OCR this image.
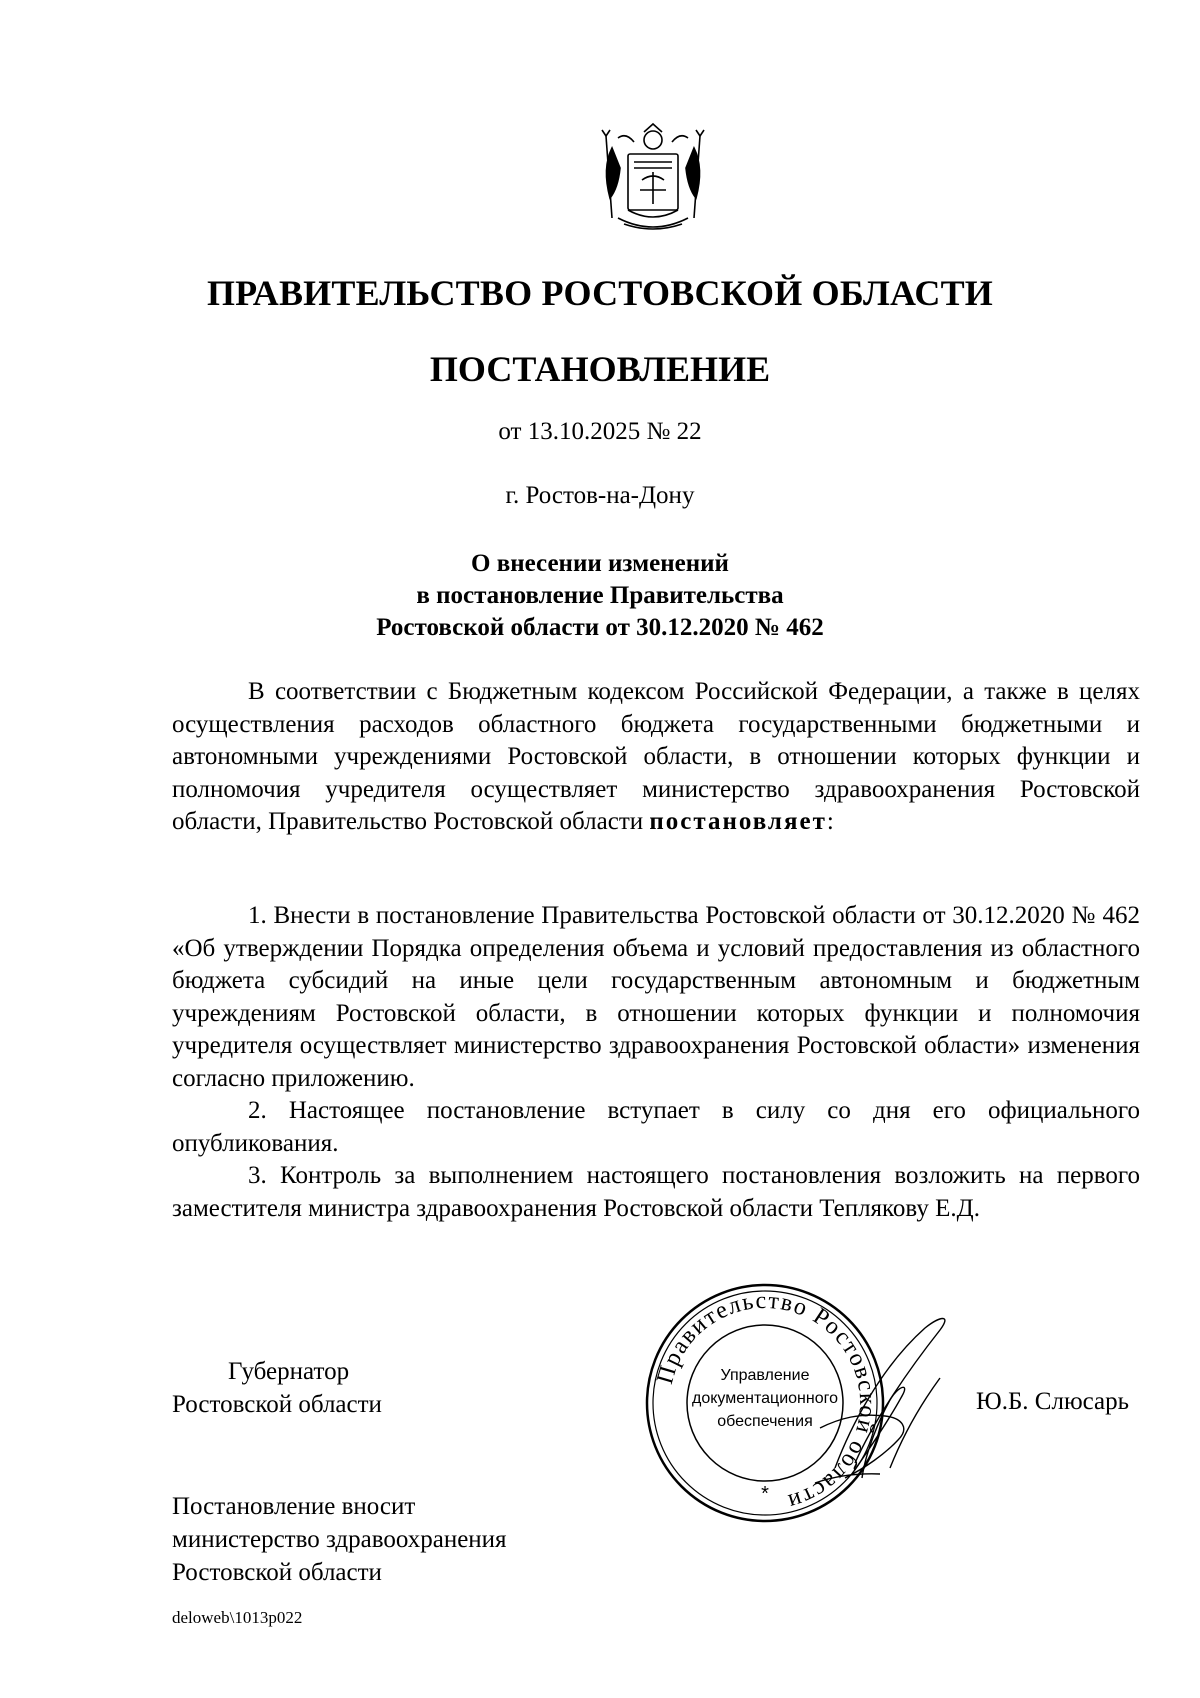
ПРАВИТЕЛЬСТВО РОСТОВСКОЙ ОБЛАСТИ
ПОСТАНОВЛЕНИЕ
от 13.10.2025 № 22
г. Ростов-на-Дону
О внесении изменений
в постановление Правительства
Ростовской области от 30.12.2020 № 462

В соответствии с Бюджетным кодексом Российской Федерации, а также в целях осуществления расходов областного бюджета государственными бюджетными и автономными учреждениями Ростовской области, в отношении которых функции и полномочия учредителя осуществляет министерство здравоохранения Ростовской области, Правительство Ростовской области постановляет:

1. Внести в постановление Правительства Ростовской области от 30.12.2020 № 462 «Об утверждении Порядка определения объема и условий предоставления из областного бюджета субсидий на иные цели государственным автономным и бюджетным учреждениям Ростовской области, в отношении которых функции и полномочия учредителя осуществляет министерство здравоохранения Ростовской области» изменения согласно приложению.

2. Настоящее постановление вступает в силу со дня его официального опубликования.

3. Контроль за выполнением настоящего постановления возложить на первого заместителя министра здравоохранения Ростовской области Теплякову Е.Д.

Губернатор
Ростовской области
Правительство Ростовской области
Управление
документационного
обеспечения
*
Ю.Б. Слюсарь
Постановление вносит
министерство здравоохранения
Ростовской области
deloweb\1013p022
